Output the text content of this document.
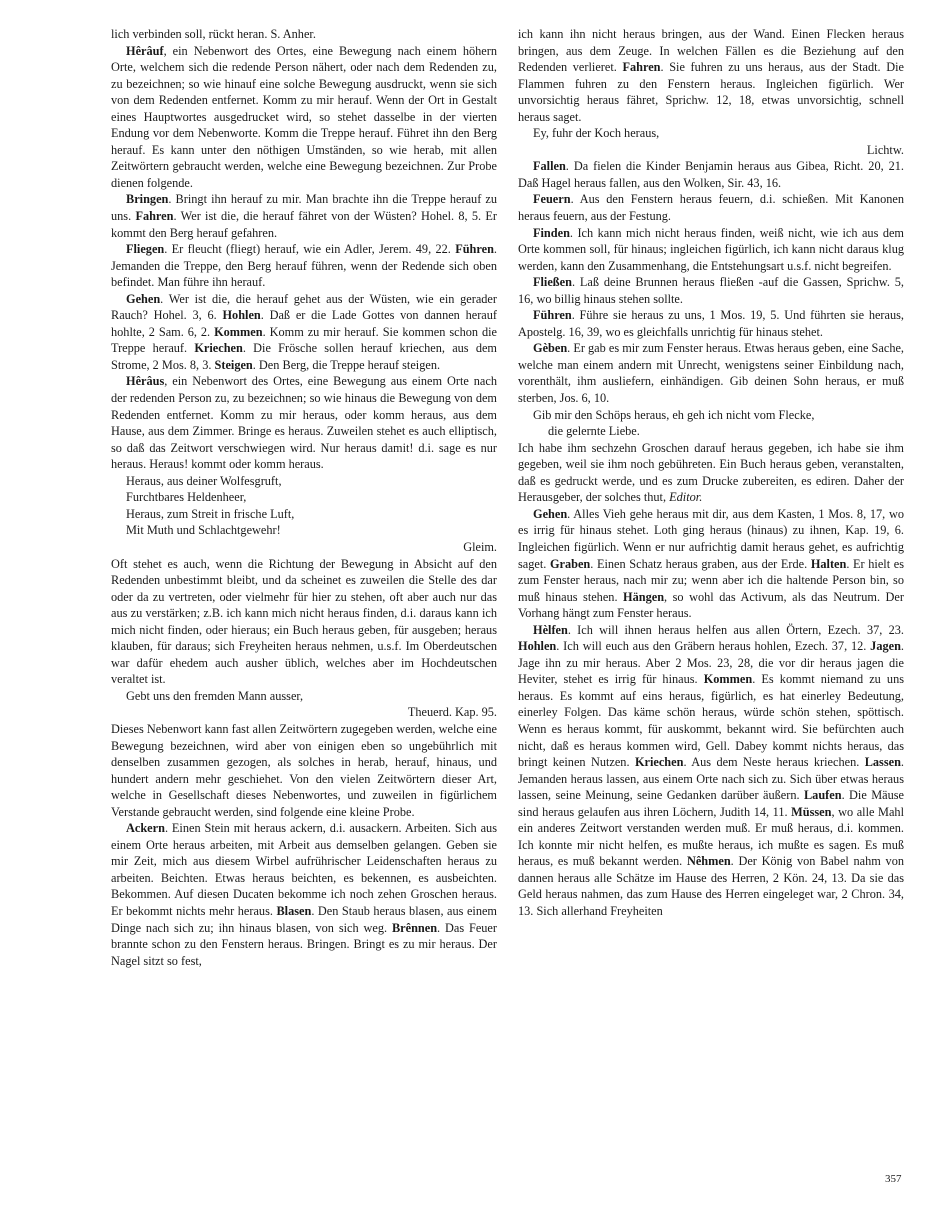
lich verbinden soll, rückt heran. S. Anher.

Hêrâuf, ein Nebenwort des Ortes, eine Bewegung nach einem höhern Orte, welchem sich die redende Person nähert, oder nach dem Redenden zu, zu bezeichnen; so wie hinauf eine solche Bewegung ausdruckt, wenn sie sich von dem Redenden entfernet. Komm zu mir herauf. Wenn der Ort in Gestalt eines Hauptwortes ausgedrucket wird, so stehet dasselbe in der vierten Endung vor dem Nebenworte. Komm die Treppe herauf. Führet ihn den Berg herauf. Es kann unter den nöthigen Umständen, so wie herab, mit allen Zeitwörtern gebraucht werden, welche eine Bewegung bezeichnen. Zur Probe dienen folgende.

Bringen. Bringt ihn herauf zu mir. Man brachte ihn die Treppe herauf zu uns. Fahren. Wer ist die, die herauf fähret von der Wüsten? Hohel. 8, 5. Er kommt den Berg herauf gefahren.

Fliegen. Er fleucht (fliegt) herauf, wie ein Adler, Jerem. 49, 22. Führen. Jemanden die Treppe, den Berg herauf führen, wenn der Redende sich oben befindet. Man führe ihn herauf.

Gehen. Wer ist die, die herauf gehet aus der Wüsten, wie ein gerader Rauch? Hohel. 3, 6. Hohlen. Daß er die Lade Gottes von dannen herauf hohlte, 2 Sam. 6, 2. Kommen. Komm zu mir herauf. Sie kommen schon die Treppe herauf. Kriechen. Die Frösche sollen herauf kriechen, aus dem Strome, 2 Mos. 8, 3. Steigen. Den Berg, die Treppe herauf steigen.

Hêrâus, ein Nebenwort des Ortes, eine Bewegung aus einem Orte nach der redenden Person zu, zu bezeichnen; so wie hinaus die Bewegung von dem Redenden entfernet. Komm zu mir heraus, oder komm heraus, aus dem Hause, aus dem Zimmer. Bringe es heraus. Zuweilen stehet es auch elliptisch, so daß das Zeitwort verschwiegen wird. Nur heraus damit! d.i. sage es nur heraus. Heraus! kommt oder komm heraus.

Heraus, aus deiner Wolfesgruft,

Furchtbares Heldenheer,

Heraus, zum Streit in frische Luft,

Mit Muth und Schlachtgewehr!

Gleim.

Oft stehet es auch, wenn die Richtung der Bewegung in Absicht auf den Redenden unbestimmt bleibt, und da scheinet es zuweilen die Stelle des dar oder da zu vertreten, oder vielmehr für hier zu stehen, oft aber auch nur das aus zu verstärken; z.B. ich kann mich nicht heraus finden, d.i. daraus kann ich mich nicht finden, oder hieraus; ein Buch heraus geben, für ausgeben; heraus klauben, für daraus; sich Freyheiten heraus nehmen, u.s.f. Im Oberdeutschen war dafür ehedem auch ausher üblich, welches aber im Hochdeutschen veraltet ist.

Gebt uns den fremden Mann ausser,

Theuerd. Kap. 95.

Dieses Nebenwort kann fast allen Zeitwörtern zugegeben werden, welche eine Bewegung bezeichnen, wird aber von einigen eben so ungebührlich mit denselben zusammen gezogen, als solches in herab, herauf, hinaus, und hundert andern mehr geschiehet. Von den vielen Zeitwörtern dieser Art, welche in Gesellschaft dieses Nebenwortes, und zuweilen in figürlichem Verstande gebraucht werden, sind folgende eine kleine Probe.

Ackern. Einen Stein mit heraus ackern, d.i. ausackern. Arbeiten. Sich aus einem Orte heraus arbeiten, mit Arbeit aus demselben gelangen. Geben sie mir Zeit, mich aus diesem Wirbel aufrührischer Leidenschaften heraus zu arbeiten. Beichten. Etwas heraus beichten, es bekennen, es ausbeichten. Bekommen. Auf diesen Ducaten bekomme ich noch zehen Groschen heraus. Er bekommt nichts mehr heraus. Blasen. Den Staub heraus blasen, aus einem Dinge nach sich zu; ihn hinaus blasen, von sich weg. Brênnen. Das Feuer brannte schon zu den Fenstern heraus. Bringen. Bringt es zu mir heraus. Der Nagel sitzt so fest,

ich kann ihn nicht heraus bringen, aus der Wand. Einen Flecken heraus bringen, aus dem Zeuge. In welchen Fällen es die Beziehung auf den Redenden verlieret. Fahren. Sie fuhren zu uns heraus, aus der Stadt. Die Flammen fuhren zu den Fenstern heraus. Ingleichen figürlich. Wer unvorsichtig heraus fähret, Sprichw. 12, 18, etwas unvorsichtig, schnell heraus saget.

Ey, fuhr der Koch heraus,

Lichtw.

Fallen. Da fielen die Kinder Benjamin heraus aus Gibea, Richt. 20, 21. Daß Hagel heraus fallen, aus den Wolken, Sir. 43, 16.

Feuern. Aus den Fenstern heraus feuern, d.i. schießen. Mit Kanonen heraus feuern, aus der Festung.

Finden. Ich kann mich nicht heraus finden, weiß nicht, wie ich aus dem Orte kommen soll, für hinaus; ingleichen figürlich, ich kann nicht daraus klug werden, kann den Zusammenhang, die Entstehungsart u.s.f. nicht begreifen.

Fließen. Laß deine Brunnen heraus fließen -auf die Gassen, Sprichw. 5, 16, wo billig hinaus stehen sollte.

Führen. Führe sie heraus zu uns, 1 Mos. 19, 5. Und führten sie heraus, Apostelg. 16, 39, wo es gleichfalls unrichtig für hinaus stehet.

Gèben. Er gab es mir zum Fenster heraus. Etwas heraus geben, eine Sache, welche man einem andern mit Unrecht, wenigstens seiner Einbildung nach, vorenthält, ihm ausliefern, einhändigen. Gib deinen Sohn heraus, er muß sterben, Jos. 6, 10.

Gib mir den Schöps heraus, eh geh ich nicht vom Flecke,

die gelernte Liebe.

Ich habe ihm sechzehn Groschen darauf heraus gegeben, ich habe sie ihm gegeben, weil sie ihm noch gebühreten. Ein Buch heraus geben, veranstalten, daß es gedruckt werde, und es zum Drucke zubereiten, es ediren. Daher der Herausgeber, der solches thut, Editor.

Gehen. Alles Vieh gehe heraus mit dir, aus dem Kasten, 1 Mos. 8, 17, wo es irrig für hinaus stehet. Loth ging heraus (hinaus) zu ihnen, Kap. 19, 6. Ingleichen figürlich. Wenn er nur aufrichtig damit heraus gehet, es aufrichtig saget. Graben. Einen Schatz heraus graben, aus der Erde. Halten. Er hielt es zum Fenster heraus, nach mir zu; wenn aber ich die haltende Person bin, so muß hinaus stehen. Hängen, so wohl das Activum, als das Neutrum. Der Vorhang hängt zum Fenster heraus.

Hèlfen. Ich will ihnen heraus helfen aus allen Örtern, Ezech. 37, 23. Hohlen. Ich will euch aus den Gräbern heraus hohlen, Ezech. 37, 12. Jagen. Jage ihn zu mir heraus. Aber 2 Mos. 23, 28, die vor dir heraus jagen die Heviter, stehet es irrig für hinaus. Kommen. Es kommt niemand zu uns heraus. Es kommt auf eins heraus, figürlich, es hat einerley Bedeutung, einerley Folgen. Das käme schön heraus, würde schön stehen, spöttisch. Wenn es heraus kommt, für auskommt, bekannt wird. Sie befürchten auch nicht, daß es heraus kommen wird, Gell. Dabey kommt nichts heraus, das bringt keinen Nutzen. Kriechen. Aus dem Neste heraus kriechen. Lassen. Jemanden heraus lassen, aus einem Orte nach sich zu. Sich über etwas heraus lassen, seine Meinung, seine Gedanken darüber äußern. Laufen. Die Mäuse sind heraus gelaufen aus ihren Löchern, Judith 14, 11. Müssen, wo alle Mahl ein anderes Zeitwort verstanden werden muß. Er muß heraus, d.i. kommen. Ich konnte mir nicht helfen, es mußte heraus, ich mußte es sagen. Es muß heraus, es muß bekannt werden. Nêhmen. Der König von Babel nahm von dannen heraus alle Schätze im Hause des Herren, 2 Kön. 24, 13. Da sie das Geld heraus nahmen, das zum Hause des Herren eingeleget war, 2 Chron. 34, 13. Sich allerhand Freyheiten

357
